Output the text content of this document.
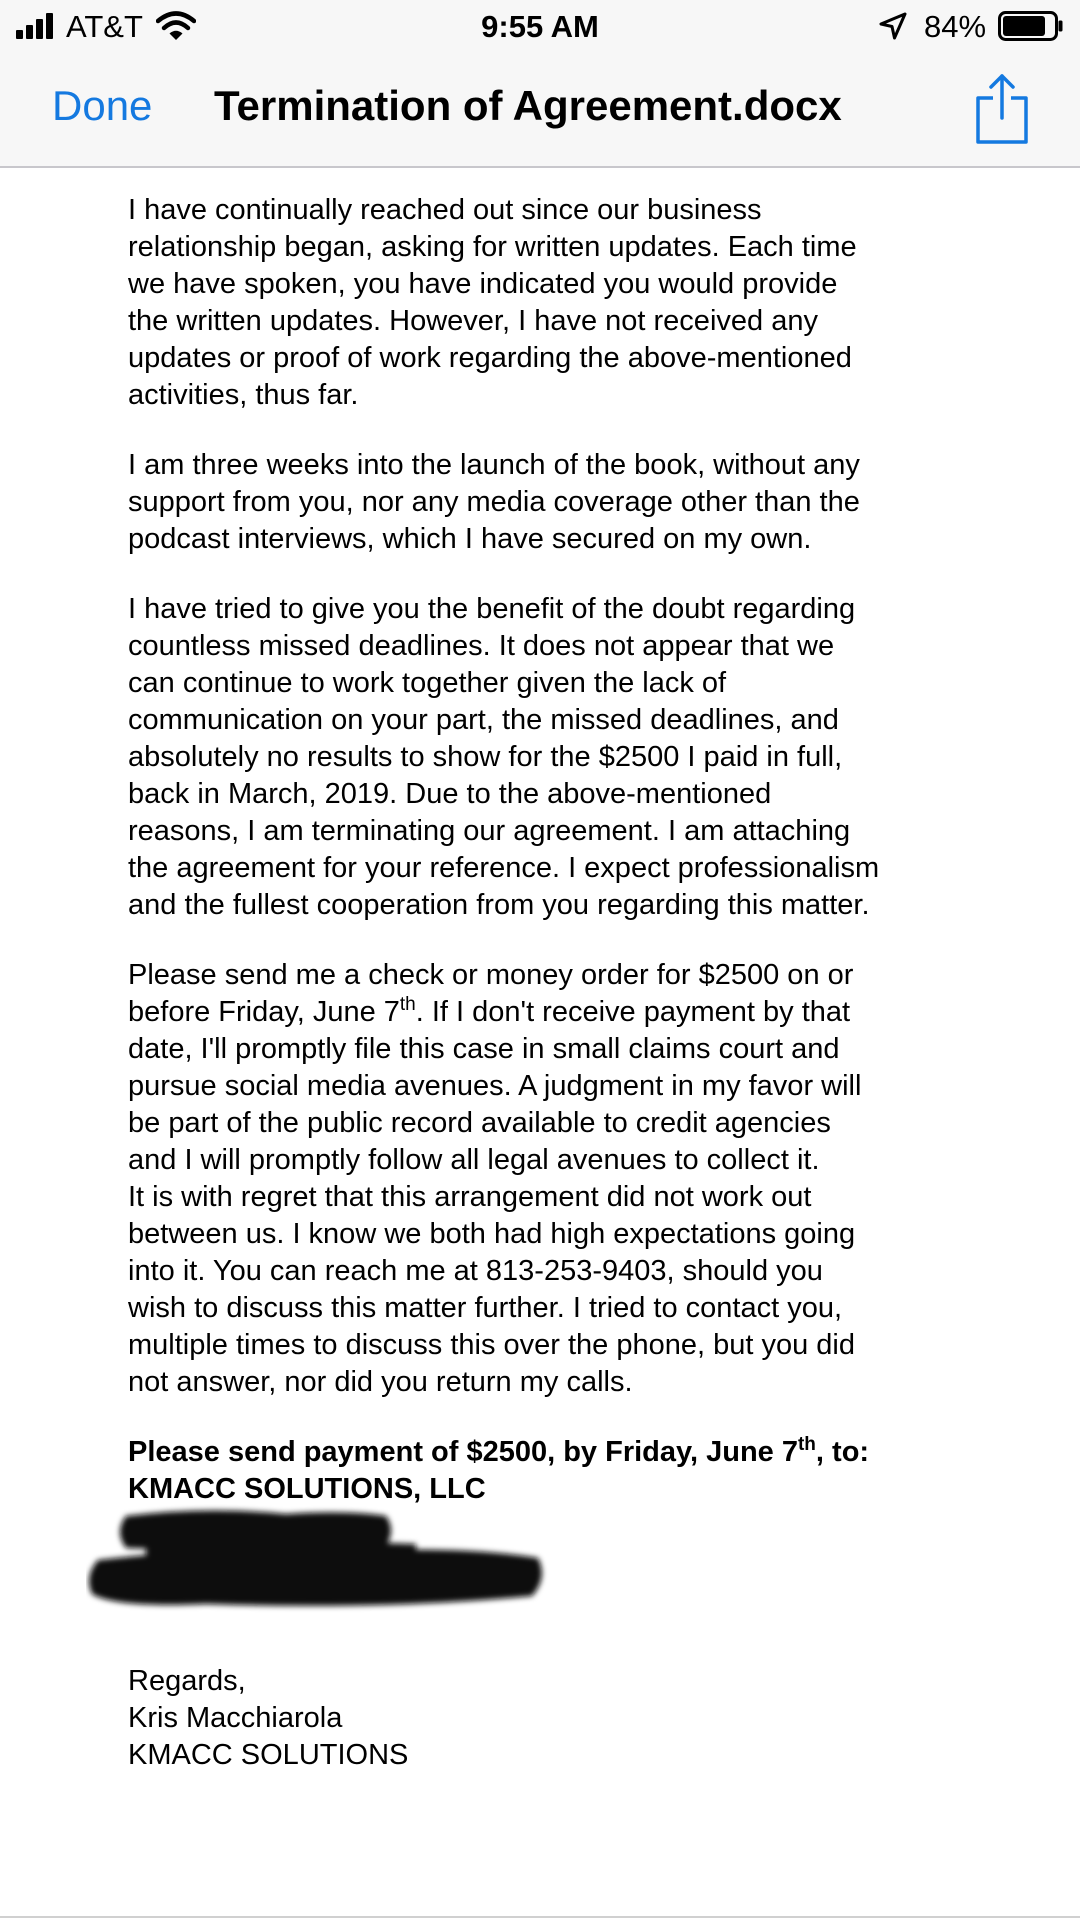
AT&T	9:55 AM	84%
Done Termination of Agreement.docx

I have continually reached out since our business
relationship began, asking for written updates. Each time
we have spoken, you have indicated you would provide
the written updates. However, I have not received any
updates or proof of work regarding the above-mentioned
activities, thus far.

I am three weeks into the launch of the book, without any
support from you, nor any media coverage other than the
podcast interviews, which I have secured on my own.

I have tried to give you the benefit of the doubt regarding
countless missed deadlines. It does not appear that we
can continue to work together given the lack of
communication on your part, the missed deadlines, and
absolutely no results to show for the $2500 I paid in full,
back in March, 2019. Due to the above-mentioned
reasons, I am terminating our agreement. I am attaching
the agreement for your reference. I expect professionalism
and the fullest cooperation from you regarding this matter.

Please send me a check or money order for $2500 on or
before Friday, June 7th. If I don't receive payment by that
date, I'll promptly file this case in small claims court and
pursue social media avenues. A judgment in my favor will
be part of the public record available to credit agencies
and I will promptly follow all legal avenues to collect it.
It is with regret that this arrangement did not work out
between us. I know we both had high expectations going
into it. You can reach me at 813-253-9403, should you
wish to discuss this matter further. I tried to contact you,
multiple times to discuss this over the phone, but you did
not answer, nor did you return my calls.

Please send payment of $2500, by Friday, June 7th, to:
KMACC SOLUTIONS, LLC

Regards,

Kris Macchiarola

KMACC SOLUTIONS
